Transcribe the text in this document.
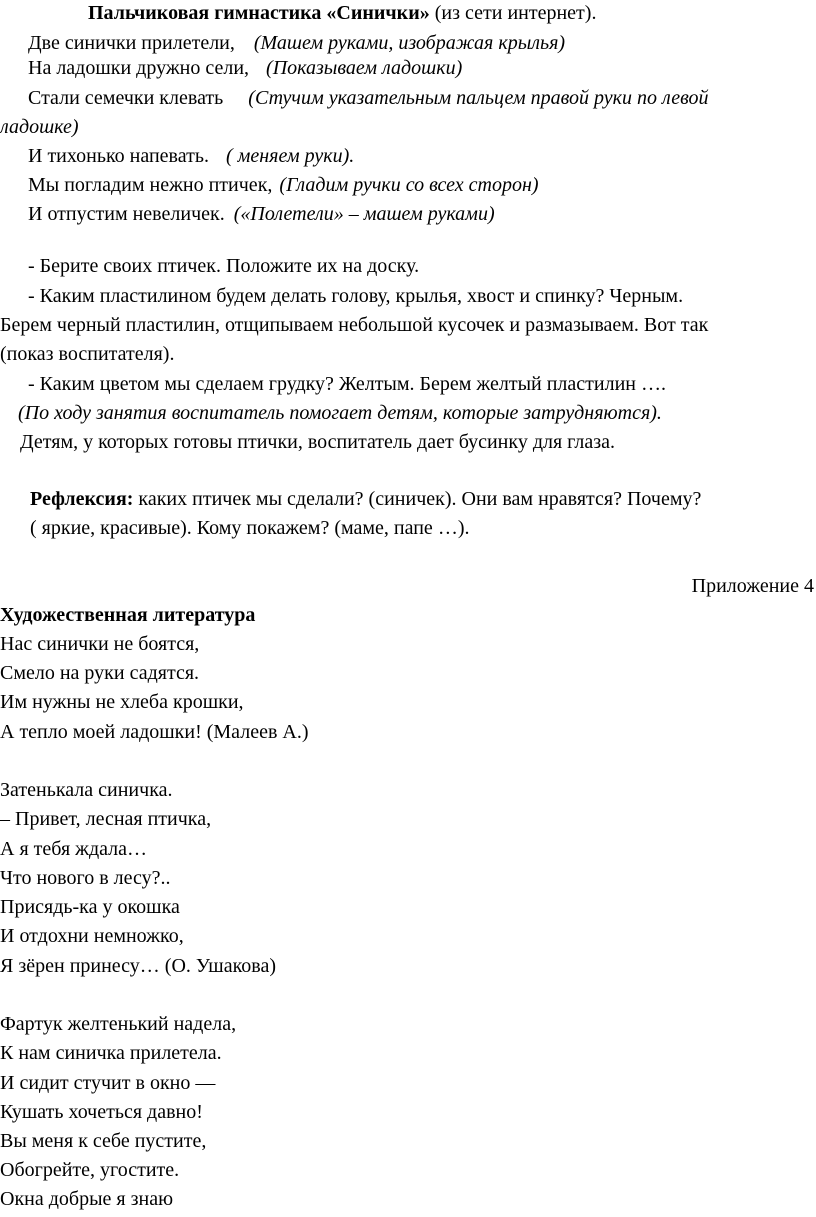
Пальчиковая гимнастика «Синички» (из сети интернет).
Две синички прилетели, (Машем руками, изображая крылья)
На ладошки дружно сели, (Показываем ладошки)
Стали семечки клевать (Стучим указательным пальцем правой руки по левой
ладошке)
И тихонько напевать. ( меняем руки).
Мы погладим нежно птичек, (Гладим ручки со всех сторон)
И отпустим невеличек. («Полетели» – машем руками)
- Берите своих птичек. Положите их на доску.
- Каким пластилином будем делать голову, крылья, хвост и спинку? Черным.
Берем черный пластилин, отщипываем небольшой кусочек и размазываем. Вот так
(показ воспитателя).
- Каким цветом мы сделаем грудку? Желтым. Берем желтый пластилин ….
(По ходу занятия воспитатель помогает детям, которые затрудняются).
Детям, у которых готовы птички, воспитатель дает бусинку для глаза.
Рефлексия: каких птичек мы сделали? (синичек). Они вам нравятся? Почему?
( яркие, красивые). Кому покажем? (маме, папе …).
Приложение 4
Художественная литература
Нас синички не боятся,
Смело на руки садятся.
Им нужны не хлеба крошки,
А тепло моей ладошки! (Малеев А.)
Затенькала синичка.
– Привет, лесная птичка,
А я тебя ждала…
Что нового в лесу?..
Присядь-ка у окошка
И отдохни немножко,
Я зёрен принесу… (О. Ушакова)
Фартук желтенький надела,
К нам синичка прилетела.
И сидит стучит в окно —
Кушать хочеться давно!
Вы меня к себе пустите,
Обогрейте, угостите.
Окна добрые я знаю
